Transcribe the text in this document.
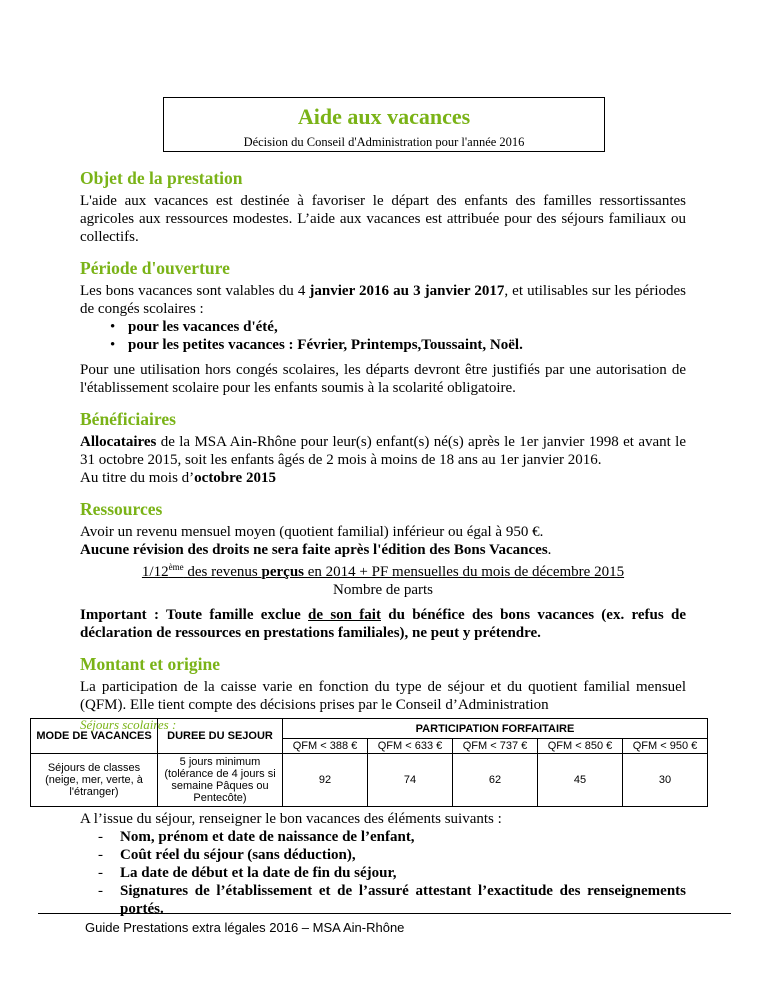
Aide aux vacances
Décision du Conseil d'Administration pour l'année 2016
Objet de la prestation

L'aide aux vacances est destinée à favoriser le départ des enfants des familles ressortissantes agricoles aux ressources modestes. L’aide aux vacances est attribuée pour des séjours familiaux ou collectifs.

Période d'ouverture

Les bons vacances sont valables du 4 janvier 2016 au 3 janvier 2017, et utilisables sur les périodes de congés scolaires :

• pour les vacances d'été,
• pour les petites vacances : Février, Printemps,Toussaint, Noël.

Pour une utilisation hors congés scolaires, les départs devront être justifiés par une autorisation de l'établissement scolaire pour les enfants soumis à la scolarité obligatoire.

Bénéficiaires

Allocataires de la MSA Ain-Rhône pour leur(s) enfant(s) né(s) après le 1er janvier 1998 et avant le 31 octobre 2015, soit les enfants âgés de 2 mois à moins de 18 ans au 1er janvier 2016.

Au titre du mois d’octobre 2015

Ressources

Avoir un revenu mensuel moyen (quotient familial) inférieur ou égal à 950 €.

Aucune révision des droits ne sera faite après l'édition des Bons Vacances.

1/12ème des revenus perçus en 2014 + PF mensuelles du mois de décembre 2015
Nombre de parts

Important : Toute famille exclue de son fait du bénéfice des bons vacances (ex. refus de déclaration de ressources en prestations familiales), ne peut y prétendre.

Montant et origine

La participation de la caisse varie en fonction du type de séjour et du quotient familial mensuel (QFM). Elle tient compte des décisions prises par le Conseil d’Administration

Séjours scolaires :
MODE DE VACANCES	DUREE DU SEJOUR	PARTICIPATION FORFAITAIRE				
		QFM < 388 €	QFM < 633 €	QFM < 737 €	QFM < 850 €	QFM < 950 €
Séjours de classes (neige, mer, verte, à l'étranger)	5 jours minimum (tolérance de 4 jours si semaine Pâques ou Pentecôte)	92	74	62	45	30

A l’issue du séjour, renseigner le bon vacances des éléments suivants :

- Nom, prénom et date de naissance de l’enfant,
- Coût réel du séjour (sans déduction),
- La date de début et la date de fin du séjour,
- Signatures de l’établissement et de l’assuré attestant l’exactitude des renseignements portés.
Guide Prestations extra légales 2016 – MSA Ain-Rhône
